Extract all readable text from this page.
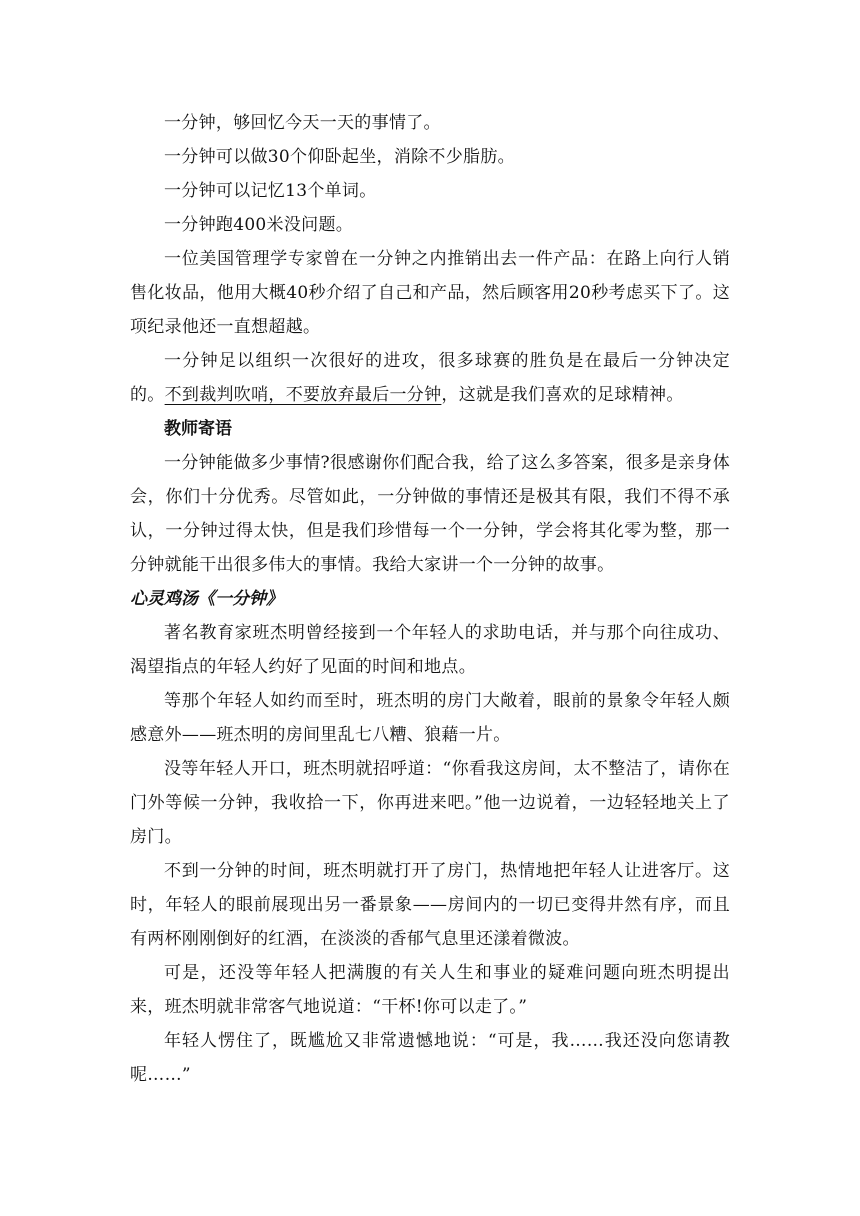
一分钟，够回忆今天一天的事情了。

一分钟可以做30个仰卧起坐，消除不少脂肪。

一分钟可以记忆13个单词。

一分钟跑400米没问题。

一位美国管理学专家曾在一分钟之内推销出去一件产品：在路上向行人销售化妆品，他用大概40秒介绍了自己和产品，然后顾客用20秒考虑买下了。这项纪录他还一直想超越。

一分钟足以组织一次很好的进攻，很多球赛的胜负是在最后一分钟决定的。不到裁判吹哨，不要放弃最后一分钟，这就是我们喜欢的足球精神。

教师寄语

一分钟能做多少事情?很感谢你们配合我，给了这么多答案，很多是亲身体会，你们十分优秀。尽管如此，一分钟做的事情还是极其有限，我们不得不承认，一分钟过得太快，但是我们珍惜每一个一分钟，学会将其化零为整，那一分钟就能干出很多伟大的事情。我给大家讲一个一分钟的故事。

心灵鸡汤《一分钟》

著名教育家班杰明曾经接到一个年轻人的求助电话，并与那个向往成功、渴望指点的年轻人约好了见面的时间和地点。

等那个年轻人如约而至时，班杰明的房门大敞着，眼前的景象令年轻人颇感意外——班杰明的房间里乱七八糟、狼藉一片。

没等年轻人开口，班杰明就招呼道：“你看我这房间，太不整洁了，请你在门外等候一分钟，我收拾一下，你再进来吧。”他一边说着，一边轻轻地关上了房门。

不到一分钟的时间，班杰明就打开了房门，热情地把年轻人让进客厅。这时，年轻人的眼前展现出另一番景象——房间内的一切已变得井然有序，而且有两杯刚刚倒好的红酒，在淡淡的香郁气息里还漾着微波。

可是，还没等年轻人把满腹的有关人生和事业的疑难问题向班杰明提出来，班杰明就非常客气地说道：“干杯!你可以走了。”

年轻人愣住了，既尴尬又非常遗憾地说：“可是，我……我还没向您请教呢……”
